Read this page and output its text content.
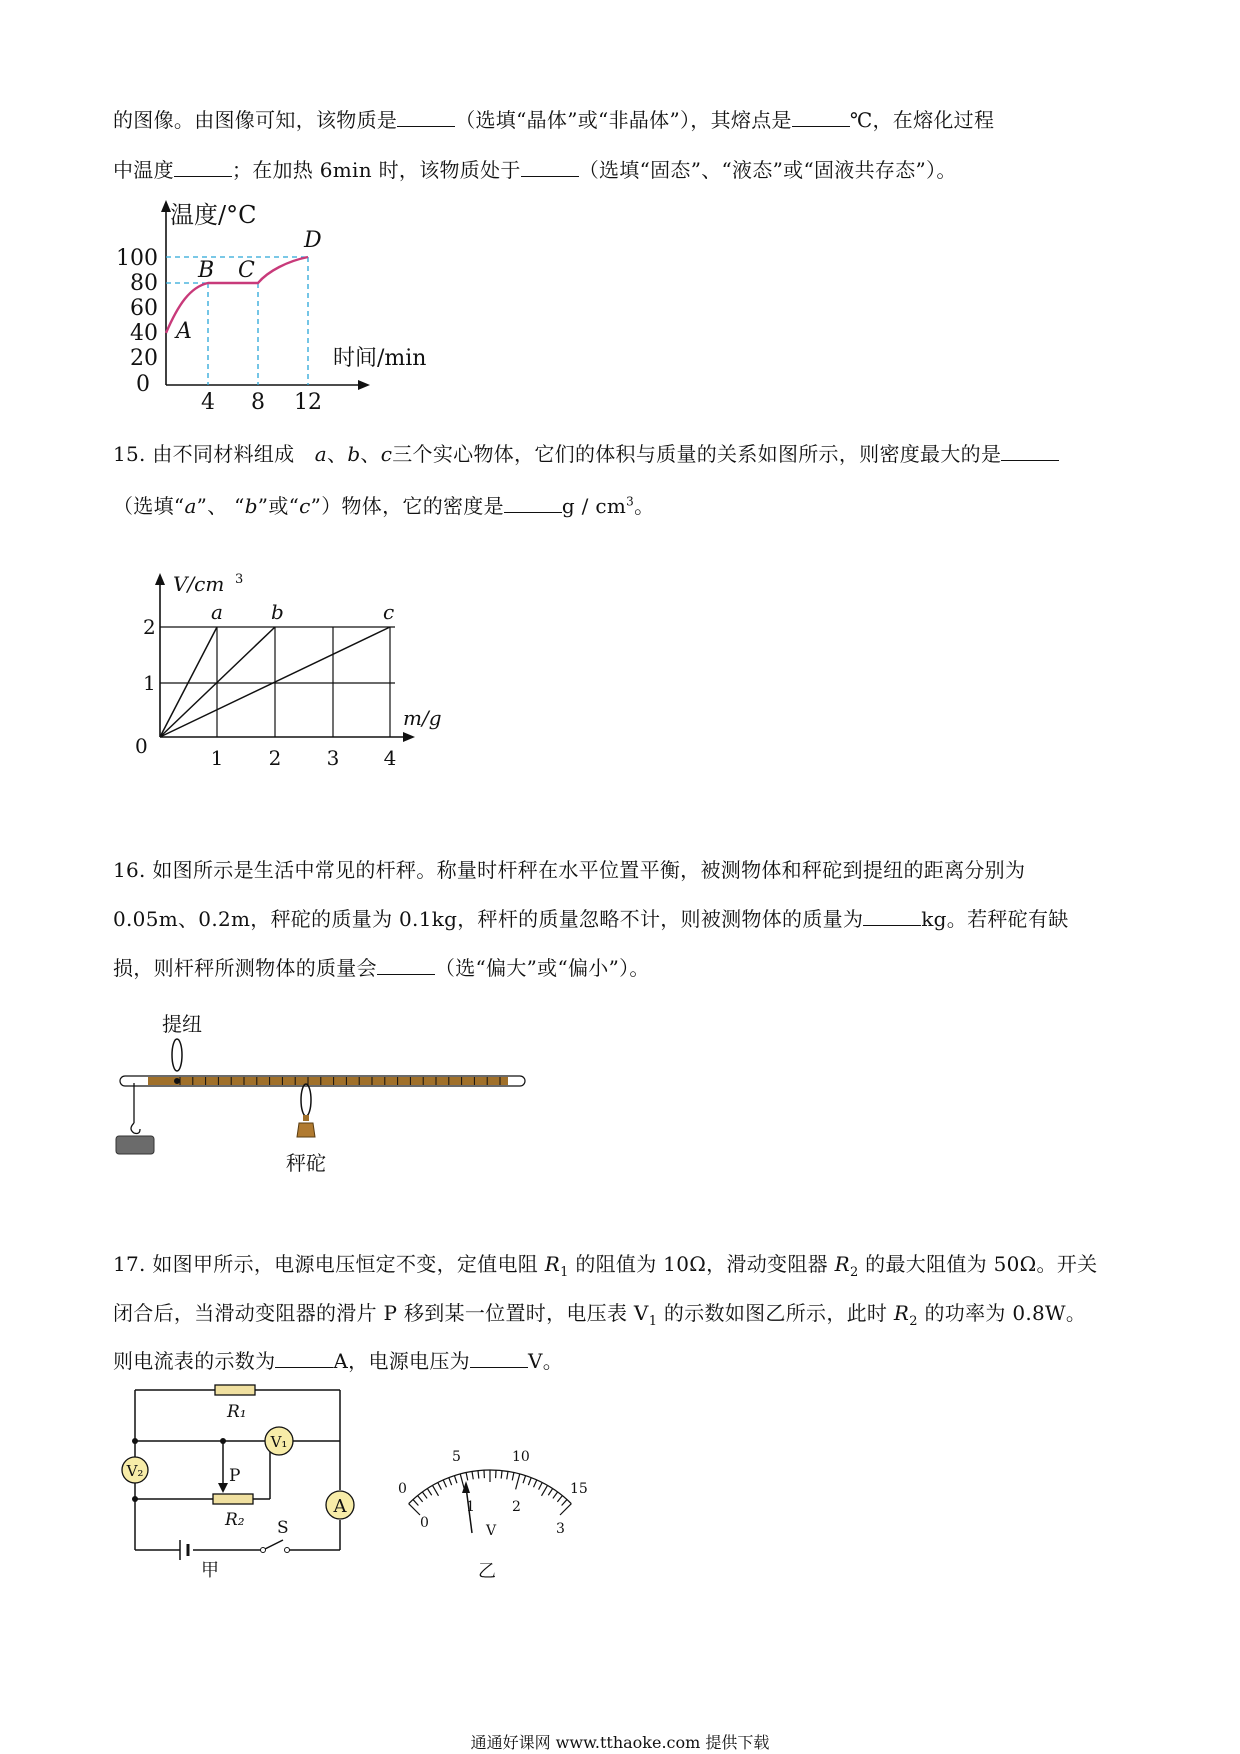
的图像。由图像可知，该物质是	（选填“晶体”或“非晶体”），其熔点是	℃，在熔化过程
中温度	；在加热 6min 时，该物质处于	（选填“固态”、“液态”或“固液共存态”）。
温度/°C
时间/min
100
80
60
40
20
0
4 8 12
A
B C
D
15. 由不同材料组成　a、b、c三个实心物体，它们的体积与质量的关系如图所示，则密度最大的是
（选填“a”、 “b”或“c”）物体，它的密度是	g / $cm^3$。
V/cm 3
m/g
2
1
0	1 2 3 4
a b	c
16. 如图所示是生活中常见的杆秤。称量时杆秤在水平位置平衡，被测物体和秤砣到提纽的距离分别为
0.05m、0.2m，秤砣的质量为 0.1kg，秤杆的质量忽略不计，则被测物体的质量为	kg。若秤砣有缺
损，则杆秤所测物体的质量会	（选“偏大”或“偏小”）。
提纽
秤砣
17. 如图甲所示，电源电压恒定不变，定值电阻 $R_1$ 的阻值为 10Ω，滑动变阻器 $R_2$ 的最大阻值为 50Ω。开关
闭合后，当滑动变阻器的滑片 P 移到某一位置时，电压表 $V_1$ 的示数如图乙所示，此时 $R_2$ 的功率为 0.8W。
则电流表的示数为	A，电源电压为	V。
R₁
R₂
V₁
V₂
A
P
S
甲
0
5	10
15
0
1	2
3
V
乙
通通好课网 www.tthaoke.com 提供下载
